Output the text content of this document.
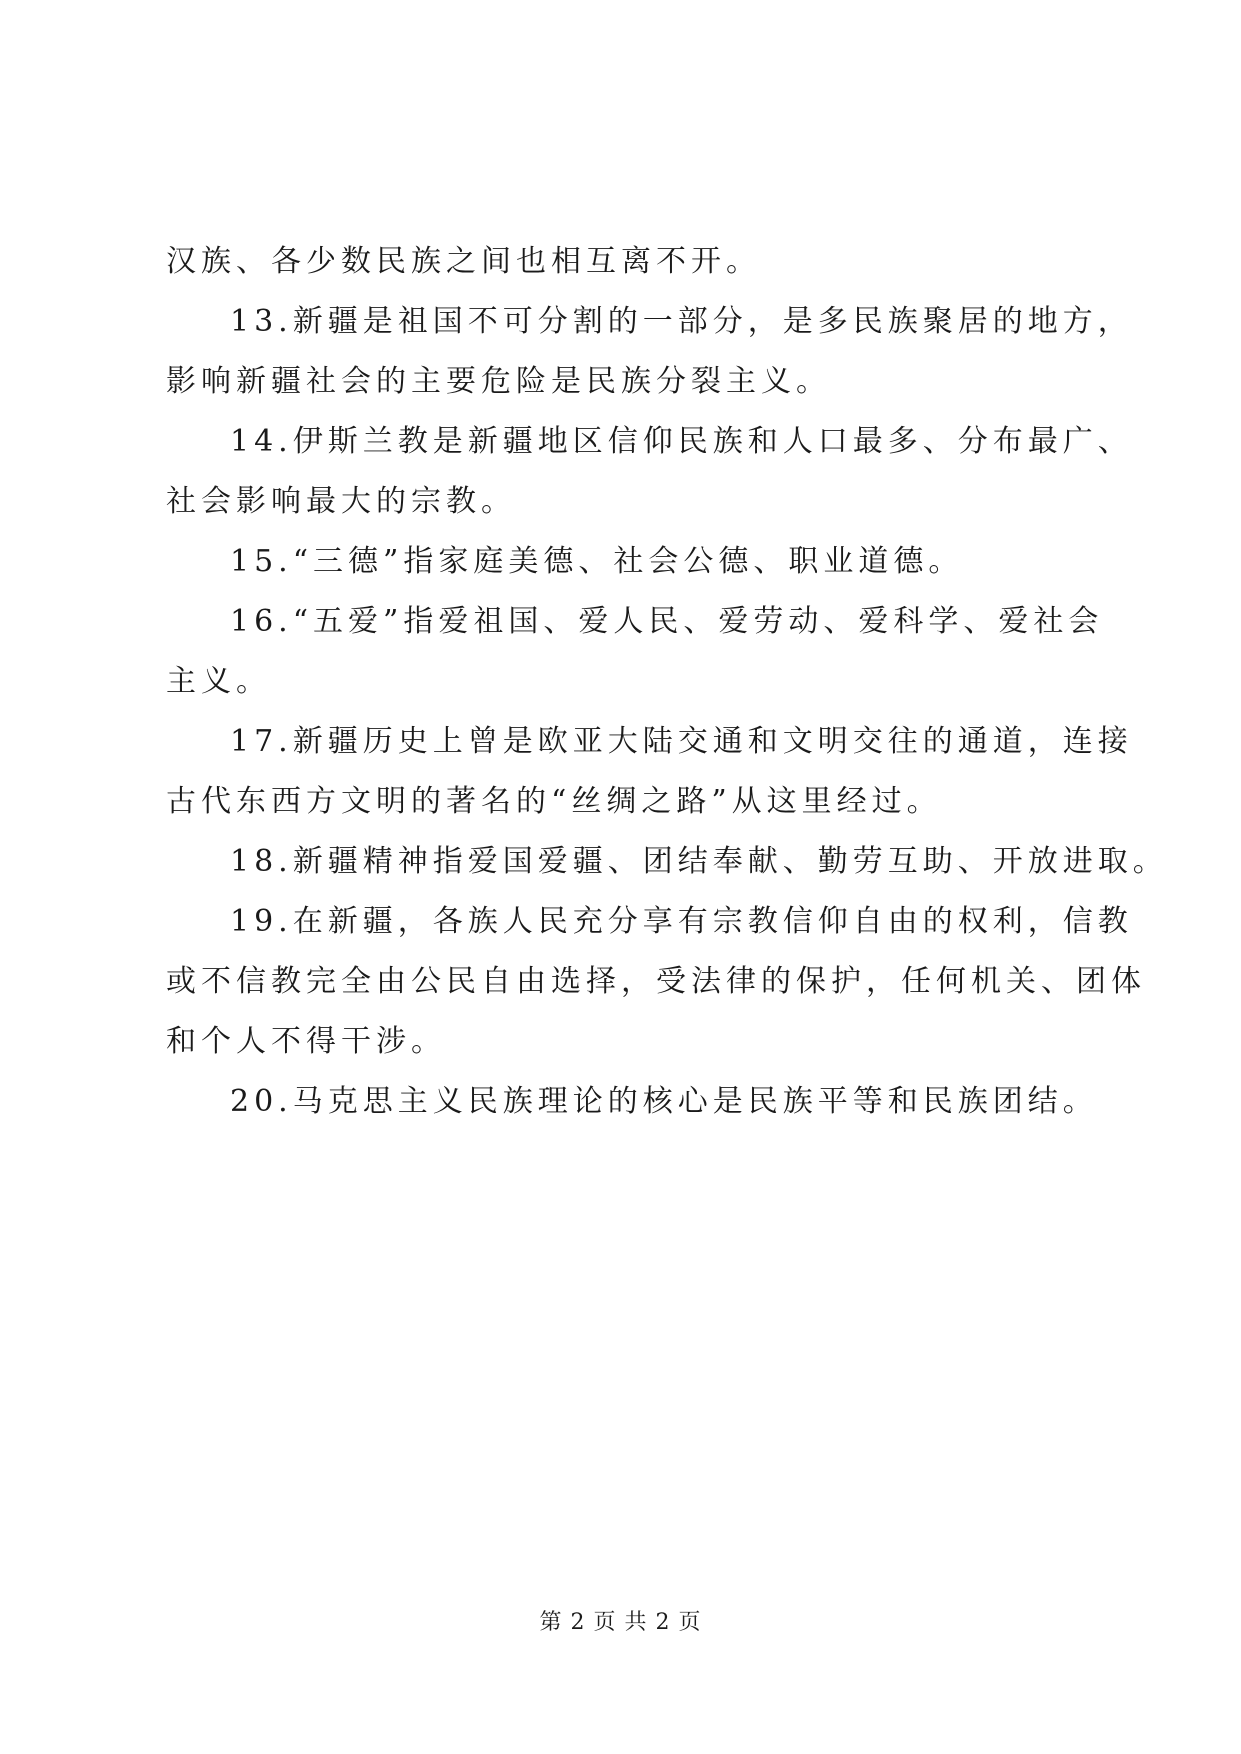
汉族、各少数民族之间也相互离不开。
13.新疆是祖国不可分割的一部分，是多民族聚居的地方，
影响新疆社会的主要危险是民族分裂主义。
14.伊斯兰教是新疆地区信仰民族和人口最多、分布最广、
社会影响最大的宗教。
15.“三德”指家庭美德、社会公德、职业道德。
16.“五爱”指爱祖国、爱人民、爱劳动、爱科学、爱社会
主义。
17.新疆历史上曾是欧亚大陆交通和文明交往的通道，连接
古代东西方文明的著名的“丝绸之路”从这里经过。
18.新疆精神指爱国爱疆、团结奉献、勤劳互助、开放进取。
19.在新疆，各族人民充分享有宗教信仰自由的权利，信教
或不信教完全由公民自由选择，受法律的保护，任何机关、团体
和个人不得干涉。
20.马克思主义民族理论的核心是民族平等和民族团结。
第 2 页 共 2 页
